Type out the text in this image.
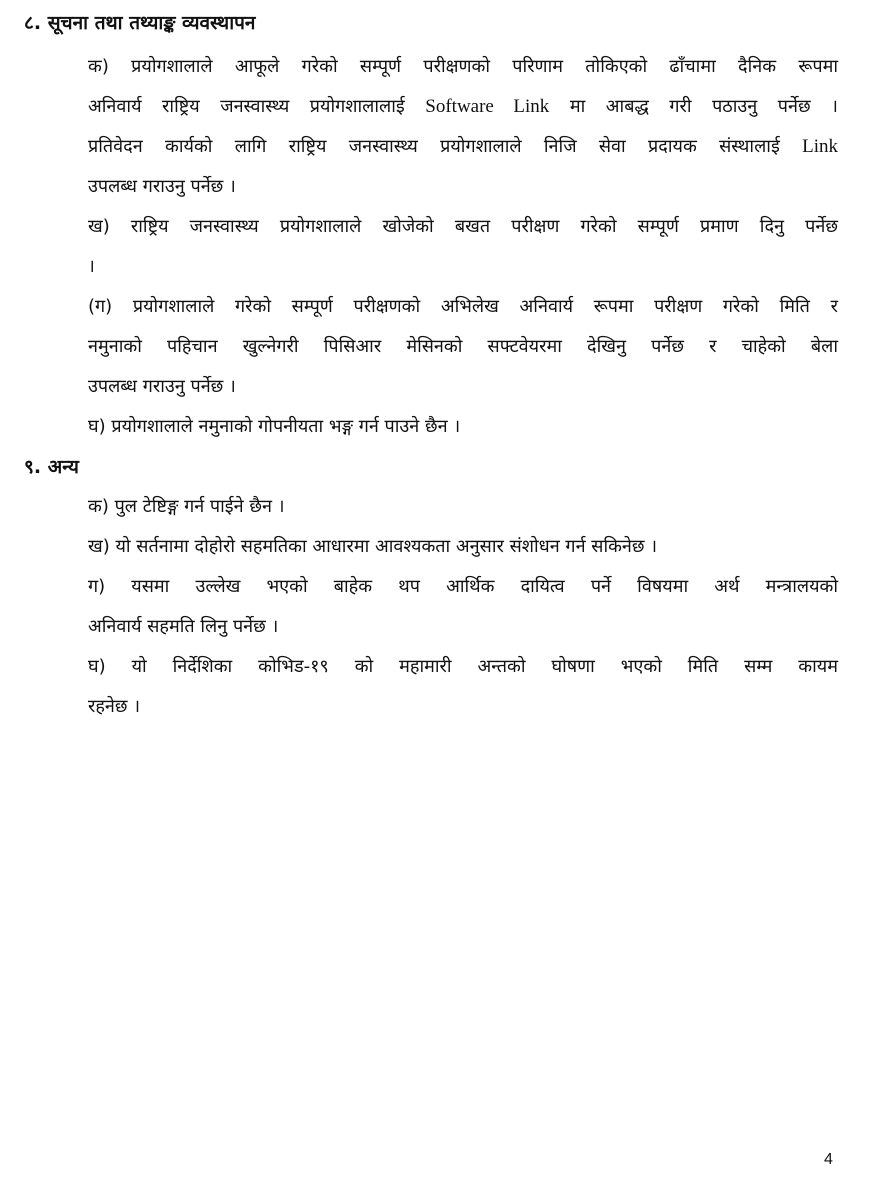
८. सूचना तथा तथ्याङ्क व्यवस्थापन
क) प्रयोगशालाले आफूले गरेको सम्पूर्ण परीक्षणको परिणाम तोकिएको ढाँचामा दैनिक रूपमा
अनिवार्य राष्ट्रिय जनस्वास्थ्य प्रयोगशालालाई Software Link मा आबद्ध गरी पठाउनु पर्नेछ ।
प्रतिवेदन कार्यको लागि राष्ट्रिय जनस्वास्थ्य प्रयोगशालाले निजि सेवा प्रदायक संस्थालाई Link
उपलब्ध गराउनु पर्नेछ ।
ख) राष्ट्रिय जनस्वास्थ्य प्रयोगशालाले खोजेको बखत परीक्षण गरेको सम्पूर्ण प्रमाण दिनु पर्नेछ
।
(ग) प्रयोगशालाले गरेको सम्पूर्ण परीक्षणको अभिलेख अनिवार्य रूपमा परीक्षण गरेको मिति र
नमुनाको पहिचान खुल्नेगरी पिसिआर मेसिनको सफ्टवेयरमा देखिनु पर्नेछ र चाहेको बेला
उपलब्ध गराउनु पर्नेछ ।
घ) प्रयोगशालाले नमुनाको गोपनीयता भङ्ग गर्न पाउने छैन ।
९. अन्य
क) पुल टेष्टिङ्ग गर्न पाईने छैन ।
ख) यो सर्तनामा दोहोरो सहमतिका आधारमा आवश्यकता अनुसार संशोधन गर्न सकिनेछ ।
ग) यसमा उल्लेख भएको बाहेक थप आर्थिक दायित्व पर्ने विषयमा अर्थ मन्त्रालयको
अनिवार्य सहमति लिनु पर्नेछ ।
घ) यो निर्देशिका कोभिड-१९ को महामारी अन्तको घोषणा भएको मिति सम्म कायम
रहनेछ ।
4
